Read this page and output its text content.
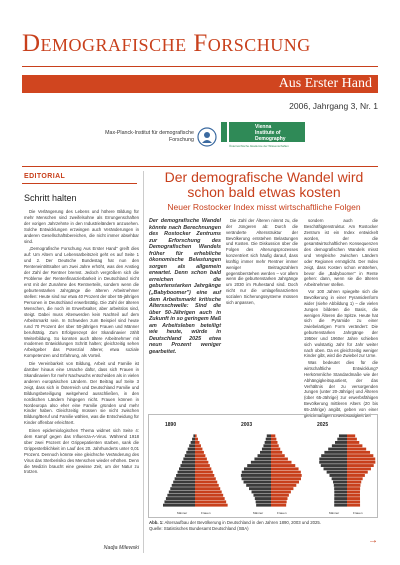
Demografische Forschung
Aus Erster Hand
2006, Jahrgang 3, Nr. 1
Max-Planck-Institut für demografische Forschung
Vienna
Institute of
Demography
Österreichische Akademie der Wissenschaften
EDITORIAL
Schritt halten

Die Verlängerung des Lebens und höhere Bildung für mehr Menschen sind zweifelsohne als Errungenschaften der vorigen Jahrzehnte in den Industrieländern anzusehen. Solche Entwicklungen erzwingen auch Veränderungen in anderen Gesellschaftsbereichen, die nicht immer absehbar sind.

„Demografische Forschung Aus Erster Hand" greift dies auf: Um Altern und Lebensarbeitszeit geht es auf Seite 1 und 2. Der Deutsche Bundestag hat nun den Renteneintrittsalter um zwei Jahre erhöht, was den Anstieg der Zahl der Rentner bremst. Jedoch vergrößern sich die Probleme der Rentenfinanzierbarkeit in Deutschland nicht erst mit der Zunahme des Rentnerteils, sondern wenn die geburtenstarken Jahrgänge die älteren Arbeitnehmer stellen: Heute sind nur etwa 40 Prozent der über 55-jährigen Personen in Deutschland erwerbstätig. Die Zahl der älteren Menschen, die noch im Erwerbsalter, aber arbeitslos sind, steigt. Dabei muss Altenwerden kein Nachteil auf dem Arbeitsmarkt sein. In Schweden zum Beispiel sind heute rund 70 Prozent der über 50-jährigen Frauen und Männer berufstätig. Zum Erfolgsrezept der Skandinavier zählt Weiterbildung. So konnten auch ältere Arbeitnehmer mit modernen Entwicklungen Schritt halten; gleichzeitig sehen Arbeitgeber das Potenzial älterer, etwa soziale Kompetenzen und Erfahrung, als Vorteil.

Die Vereinbarkeit von Bildung, Arbeit und Familie ist darüber hinaus eine Ursache dafür, dass sich Frauen in Skandinavien für mehr Nachwuchs entscheiden als in vielen anderen europäischen Ländern. Der Beitrag auf Seite 3 zeigt, dass sich in Österreich und Deutschland Familie und Bildungsbeteiligung weitgehend ausschließen, in den nordischen Ländern hingegen nicht. Frauen können in Nordeuropa also eher eine Familie gründen und mehr Kinder haben. Gleichzeitig müssen sie nicht zwischen Bildung/Beruf und Familie wählen, was die Entscheidung für Kinder offenbar erleichtert.

Einen epidemiologischen Thema widmet sich Seite 4: dem Kampf gegen das Influenza-A-Virus. Während 1918 über zwei Prozent der Grippepatienten starben, sank die Grippesterblichkeit im Lauf des 20. Jahrhunderts unter 0,01 Prozent. Dennoch könnte eine gleichsche Veränderung des Virus das Sterberisiko des Menschen wieder erhöhen. Denn die Medizin braucht eine gewisse Zeit, um der Natur zu trotzen.

Nadja Milewski
Der demografische Wandel wird schon bald etwas kosten
Neuer Rostocker Index misst wirtschaftliche Folgen
Der demografische Wandel könnte nach Berechnungen des Rostocker Zentrums zur Erforschung des Demografischen Wandels früher für erhebliche ökonomische Belastungen sorgen als allgemein erwartet. Denn schon bald erreichen die geburtenstarken Jahrgänge („Babyboomer") eine auf dem Arbeitsmarkt kritische Altersschwelle: Sind die über 50-Jährigen auch in Zukunft in so geringem Maß am Arbeitsleben beteiligt wie heute, würde in Deutschland 2025 etwa neun Prozent weniger gearbeitet.

Die Zahl der Älteren nimmt zu, die der Jüngeren ab: Durch die veränderte Altersstruktur der Bevölkerung entstehen Belastungen und Kosten. Die Diskussion über die Folgen des Alterungsprozesses konzentriert sich häufig darauf, dass künftig immer mehr Rentner immer weniger Beitragszahlern gegenüberstehen werden – vor allem wenn die geburtenstarken Jahrgänge um 2030 im Ruhestand sind. Doch nicht nur die umlagefinanzierten sozialen Sicherungssysteme müssen sich anpassen,

sondern auch die Beschäftigtenstruktur. Am Rostocker Zentrum ist ein Index entwickelt worden, der die gesamtwirtschaftlichen Konsequenzen des demografischen Wandels misst und Vergleiche zwischen Ländern oder Regionen ermöglicht. Der Index zeigt, dass Kosten schon entstehen, bevor die „Babyboomer" in Rente gehen: dann, wenn sie die älteren Arbeitnehmer stellen.

Vor 100 Jahren spiegelte sich die Bevölkerung in einer Pyramidenform wider (siehe Abbildung 1) – die vielen Jungen bildeten die Basis, die wenigen Älteren die Spitze. Heute hat sich die Pyramide zu einer zwiebelartigen Form verändert: Die geburtenstarken Jahrgänge der 1950er und 1960er Jahre schieben sich wulstartig Jahr für Jahr weiter nach oben. Da es gleichzeitig weniger Kinder gibt, wird die Zwiebel zur Urne.

Was bedeutet dies für die wirtschaftliche Entwicklung? Herkömmliche Standardmaße wie der Abhängigkeitsquotient, der das Verhältnis der zu versorgenden Jungen (unter 20-Jährige) und Älteren (über 65-Jährige) zur erwerbsfähigen Bevölkerung mittleren Alters (20 bis 65-Jährige) angibt, geben von einer gleichmäßigen Erwerbstätigkeit bei

1890
Männer	Frauen
2003
Männer	Frauen
2025
Männer	Frauen
Abb. 1: Altersaufbau der Bevölkerung in Deutschland in den Jahren 1890, 2003 und 2025.
Quelle: Statistisches Bundesamt Deutschland (SBA)
→
